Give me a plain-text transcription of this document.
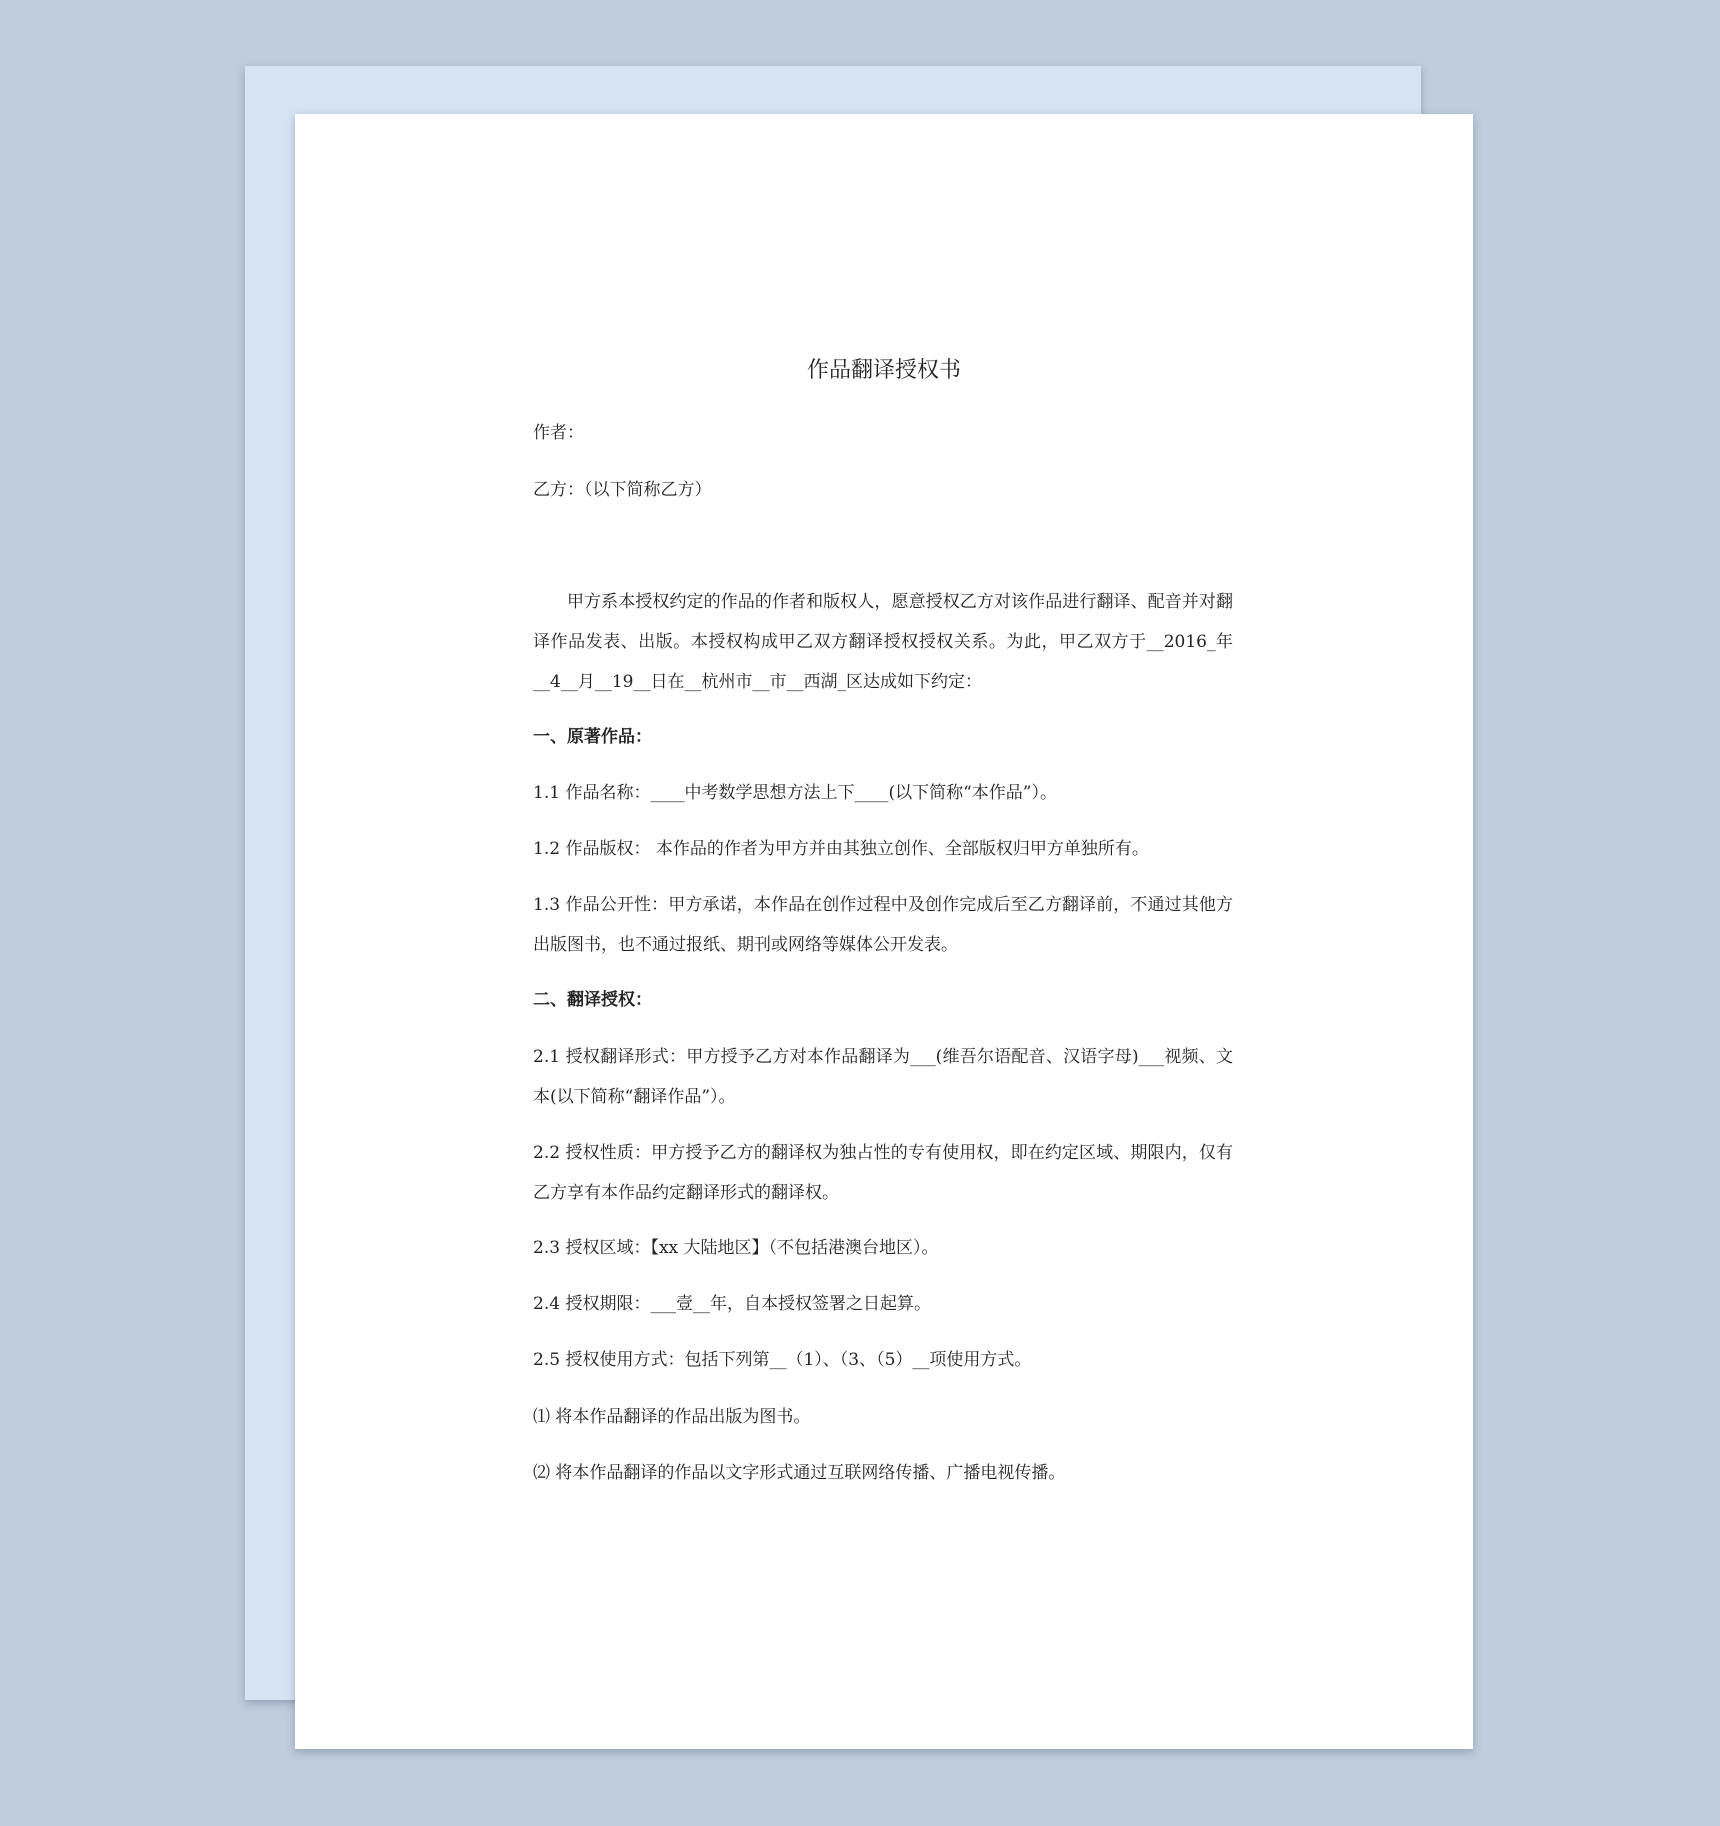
作品翻译授权书
作者：
乙方：（以下简称乙方）
甲方系本授权约定的作品的作者和版权人，愿意授权乙方对该作品进行翻译、配音并对翻译作品发表、出版。本授权构成甲乙双方翻译授权授权关系。为此，甲乙双方于__2016_年__4__月__19__日在__杭州市__市__西湖_区达成如下约定：
一、原著作品：
1.1 作品名称：____中考数学思想方法上下____(以下简称“本作品”）。
1.2 作品版权： 本作品的作者为甲方并由其独立创作、全部版权归甲方单独所有。
1.3 作品公开性：甲方承诺，本作品在创作过程中及创作完成后至乙方翻译前，不通过其他方出版图书，也不通过报纸、期刊或网络等媒体公开发表。
二、翻译授权：
2.1 授权翻译形式：甲方授予乙方对本作品翻译为___(维吾尔语配音、汉语字母)___视频、文本(以下简称“翻译作品”）。
2.2 授权性质：甲方授予乙方的翻译权为独占性的专有使用权，即在约定区域、期限内，仅有乙方享有本作品约定翻译形式的翻译权。
2.3 授权区域：【xx 大陆地区】（不包括港澳台地区）。
2.4 授权期限：___壹__年，自本授权签署之日起算。
2.5 授权使用方式：包括下列第__（1）、（3、（5）__项使用方式。
⑴ 将本作品翻译的作品出版为图书。
⑵ 将本作品翻译的作品以文字形式通过互联网络传播、广播电视传播。
